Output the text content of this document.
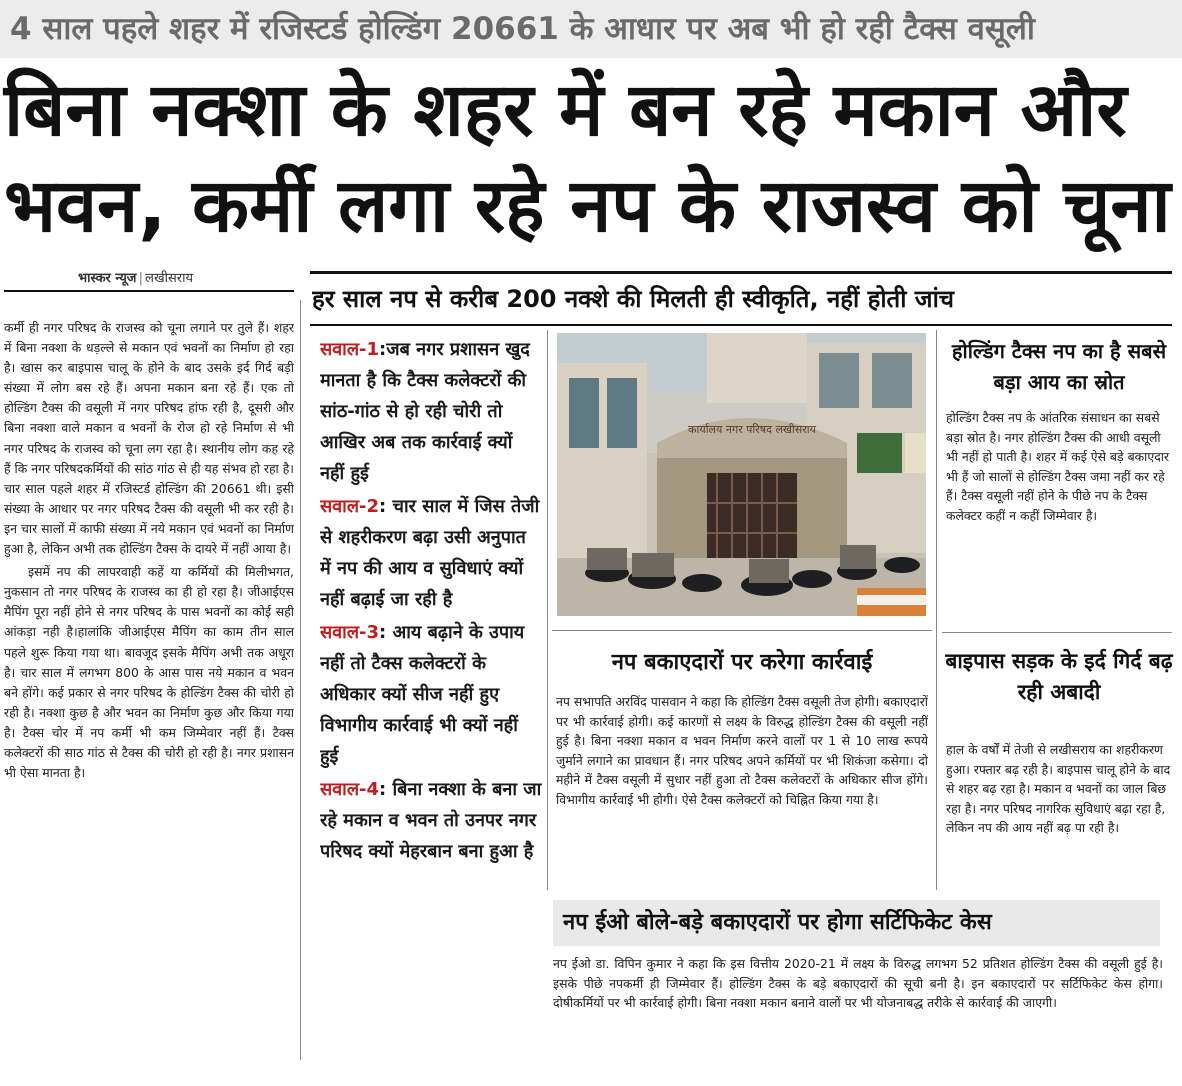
4 साल पहले शहर में रजिस्टर्ड होल्डिंग 20661 के आधार पर अब भी हो रही टैक्स वसूली
बिना नक्शा के शहर में बन रहे मकान और
भवन, कर्मी लगा रहे नप के राजस्व को चूना
भास्कर न्यूज | लखीसराय
हर साल नप से करीब 200 नक्शे की मिलती ही स्वीकृति, नहीं होती जांच

कर्मी ही नगर परिषद के राजस्व को चूना लगाने पर तुले हैं। शहर में बिना नक्शा के धड़ल्ले से मकान एवं भवनों का निर्माण हो रहा है। खास कर बाइपास चालू के होने के बाद उसके इर्द गिर्द बड़ी संख्या में लोग बस रहे हैं। अपना मकान बना रहे हैं। एक तो होल्डिंग टैक्स की वसूली में नगर परिषद हांफ रही है, दूसरी और बिना नक्शा वाले मकान व भवनों के रोज हो रहे निर्माण से भी नगर परिषद के राजस्व को चूना लग रहा है। स्थानीय लोग कह रहे हैं कि नगर परिषदकर्मियों की सांठ गांठ से ही यह संभव हो रहा है। चार साल पहले शहर में रजिस्टर्ड होल्डिंग की 20661 थी। इसी संख्या के आधार पर नगर परिषद टैक्स की वसूली भी कर रही है। इन चार सालों में काफी संख्या में नये मकान एवं भवनों का निर्माण हुआ है, लेकिन अभी तक होल्डिंग टैक्स के दायरे में नहीं आया है।

इसमें नप की लापरवाही कहें या कर्मियों की मिलीभगत, नुकसान तो नगर परिषद के राजस्व का ही हो रहा है। जीआईएस मैपिंग पूरा नहीं होने से नगर परिषद के पास भवनों का कोई सही आंकड़ा नही है।हालांकि जीआईएस मैपिंग का काम तीन साल पहले शुरू किया गया था। बावजूद इसके मैपिंग अभी तक अधूरा है। चार साल में लगभग 800 के आस पास नये मकान व भवन बने होंगे। कई प्रकार से नगर परिषद के होल्डिंग टैक्स की चोरी हो रही है। नक्शा कुछ है और भवन का निर्माण कुछ और किया गया है। टैक्स चोर में नप कर्मी भी कम जिम्मेवार नहीं हैं। टैक्स कलेक्टरों की साठ गांठ से टैक्स की चोरी हो रही है। नगर प्रशासन भी ऐसा मानता है।

सवाल-1:जब नगर प्रशासन खुद मानता है कि टैक्स कलेक्टरों की सांठ-गांठ से हो रही चोरी तो आखिर अब तक कार्रवाई क्यों नहीं हुई
सवाल-2: चार साल में जिस तेजी से शहरीकरण बढ़ा उसी अनुपात में नप की आय व सुविधाएं क्यों नहीं बढ़ाई जा रही है
सवाल-3: आय बढ़ाने के उपाय नहीं तो टैक्स कलेक्टरों के अधिकार क्यों सीज नहीं हुए विभागीय कार्रवाई भी क्यों नहीं हुई
सवाल-4: बिना नक्शा के बना जा रहे मकान व भवन तो उनपर नगर परिषद क्यों मेहरबान बना हुआ है
कार्यालय नगर परिषद लखीसराय
होल्डिंग टैक्स नप का है सबसे बड़ा आय का स्रोत
होल्डिंग टैक्स नप के आंतरिक संसाधन का सबसे बड़ा स्रोत है। नगर होल्डिंग टैक्स की आधी वसूली भी नहीं हो पाती है। शहर में कई ऐसे बड़े बकाएदार भी हैं जो सालों से होल्डिंग टैक्स जमा नहीं कर रहे हैं। टैक्स वसूली नहीं होने के पीछे नप के टैक्स कलेक्टर कहीं न कहीं जिम्मेवार है।
नप बकाएदारों पर करेगा कार्रवाई
नप सभापति अरविंद पासवान ने कहा कि होल्डिंग टैक्स वसूली तेज होगी। बकाएदारों पर भी कार्रवाई होगी। कई कारणों से लक्ष्य के विरुद्ध होल्डिंग टैक्स की वसूली नहीं हुई है। बिना नक्शा मकान व भवन निर्माण करने वालों पर 1 से 10 लाख रूपये जुर्माने लगाने का प्रावधान हैं। नगर परिषद अपने कर्मियों पर भी शिकंजा कसेगा। दो महीने में टैक्स वसूली में सुधार नहीं हुआ तो टैक्स कलेक्टरों के अधिकार सीज होंगे। विभागीय कार्रवाई भी होगी। ऐसे टैक्स कलेक्टरों को चिह्नित किया गया है।
बाइपास सड़क के इर्द गिर्द बढ़ रही अबादी
हाल के वर्षों में तेजी से लखीसराय का शहरीकरण हुआ। रफ्तार बढ़ रही है। बाइपास चालू होने के बाद से शहर बढ़ रहा है। मकान व भवनों का जाल बिछ रहा है। नगर परिषद नागरिक सुविधाएं बढ़ा रहा है, लेकिन नप की आय नहीं बढ़ पा रही है।
नप ईओ बोले-बड़े बकाएदारों पर होगा सर्टिफिकेट केस
नप ईओ डा. विपिन कुमार ने कहा कि इस वित्तीय 2020-21 में लक्ष्य के विरुद्ध लगभग 52 प्रतिशत होल्डिंग टैक्स की वसूली हुई है। इसके पीछे नपकर्मी ही जिम्मेवार हैं। होल्डिंग टैक्स के बड़े बकाएदारों की सूची बनी है। इन बकाएदारों पर सर्टिफिकेट केस होगा। दोषीकर्मियों पर भी कार्रवाई होगी। बिना नक्शा मकान बनाने वालों पर भी योजनाबद्ध तरीके से कार्रवाई की जाएगी।
